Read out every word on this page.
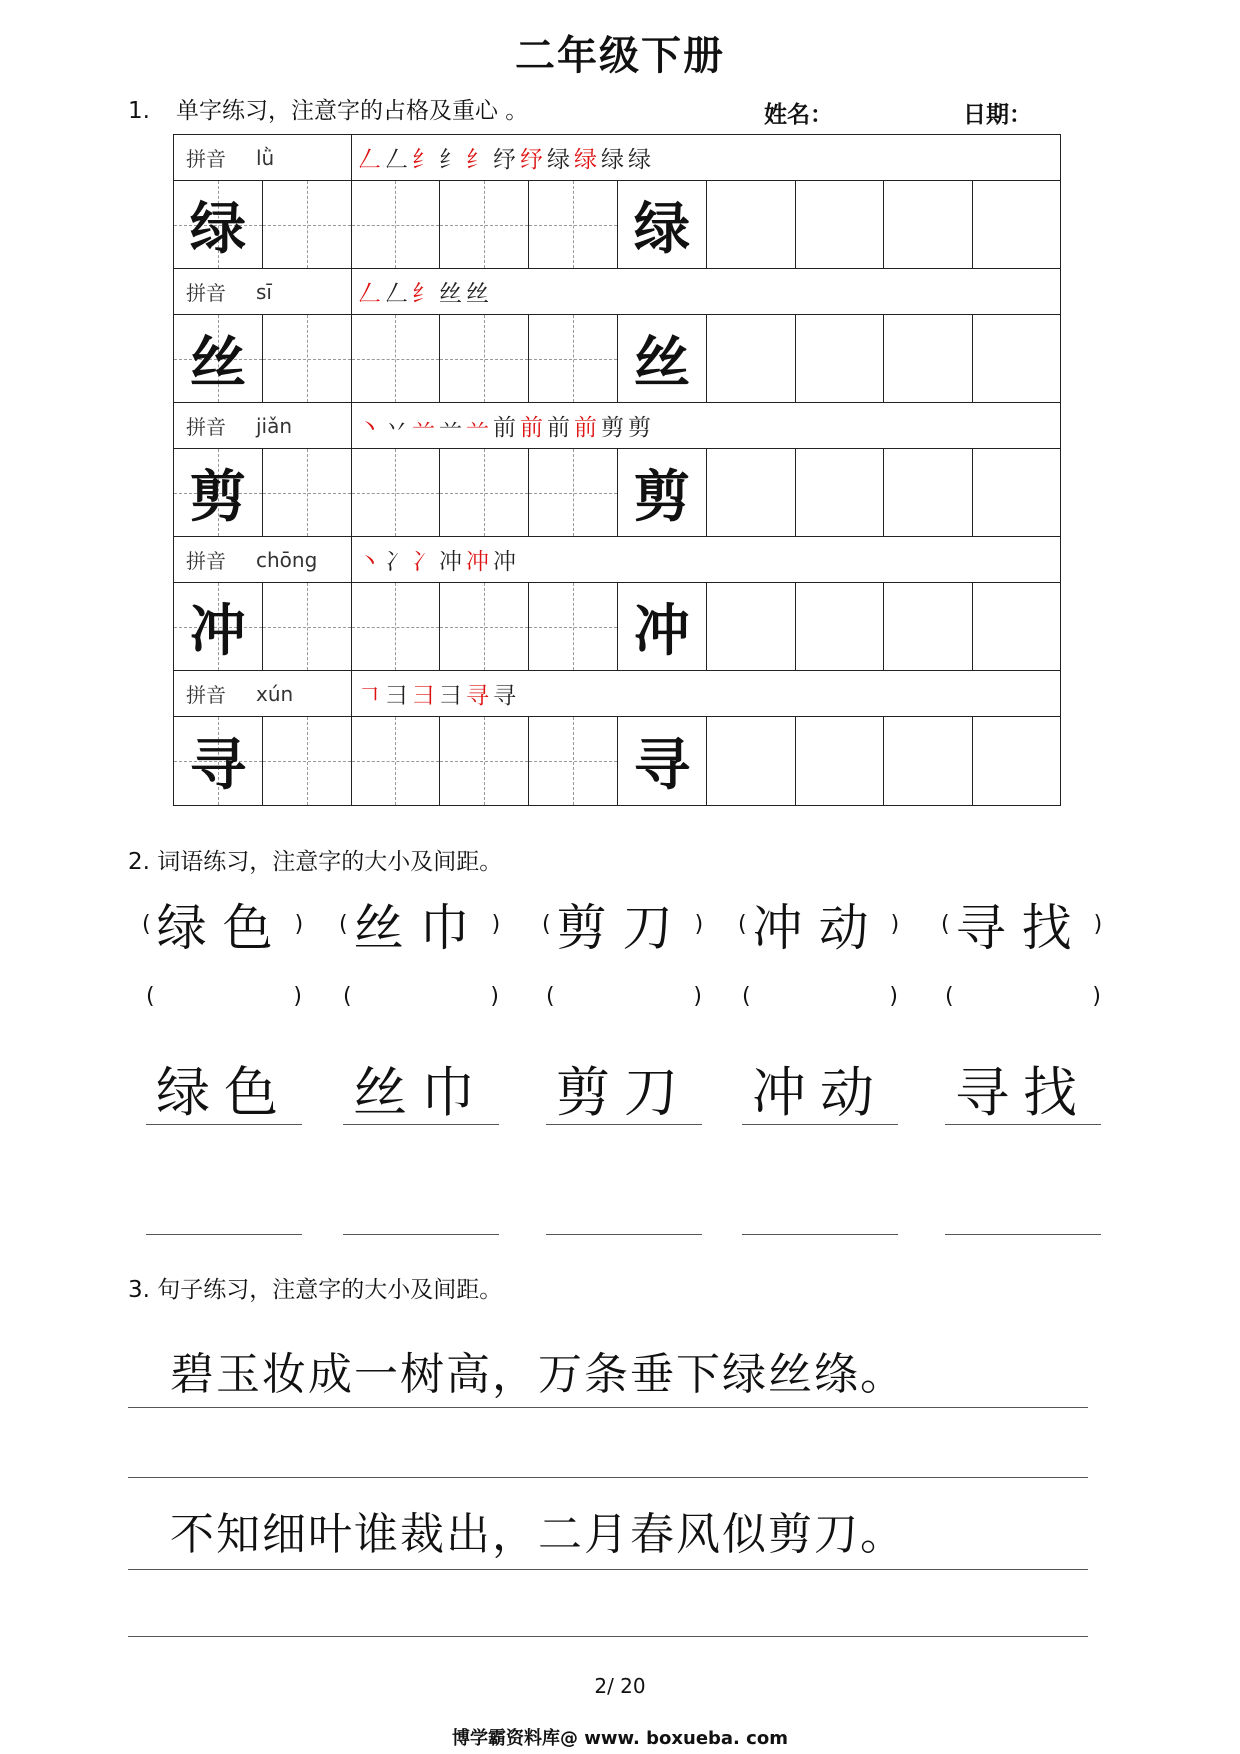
二年级下册
1. 单字练习，注意字的占格及重心 。	姓名：	日期：
拼音 lǜ	𠃋 𠃋 纟 纟 纟 纾 纾 绿 绿 绿 绿
绿	绿
拼音 sī	𠃋 𠃋 纟 丝 丝
丝	丝
拼音 jiǎn	丶 丷 䒑 䒑 䒑 前 前 前 前 剪 剪
剪	剪
拼音 chōng 丶 冫 冫 冲 冲 冲
冲	冲
拼音 xún	𠃍 ⺕ 彐 彐 寻 寻
寻	寻
2. 词语练习，注意字的大小及间距。
( 绿色 )
(	)
绿色
( 丝巾 )
(	)
丝巾
( 剪刀 )
(	)
剪刀
( 冲动 )
(	)
冲动
( 寻找 )
(	)
寻找
3. 句子练习，注意字的大小及间距。
碧玉妆成一树高，万条垂下绿丝绦。
不知细叶谁裁出，二月春风似剪刀。
2/ 20
博学霸资料库@ www. boxueba. com
